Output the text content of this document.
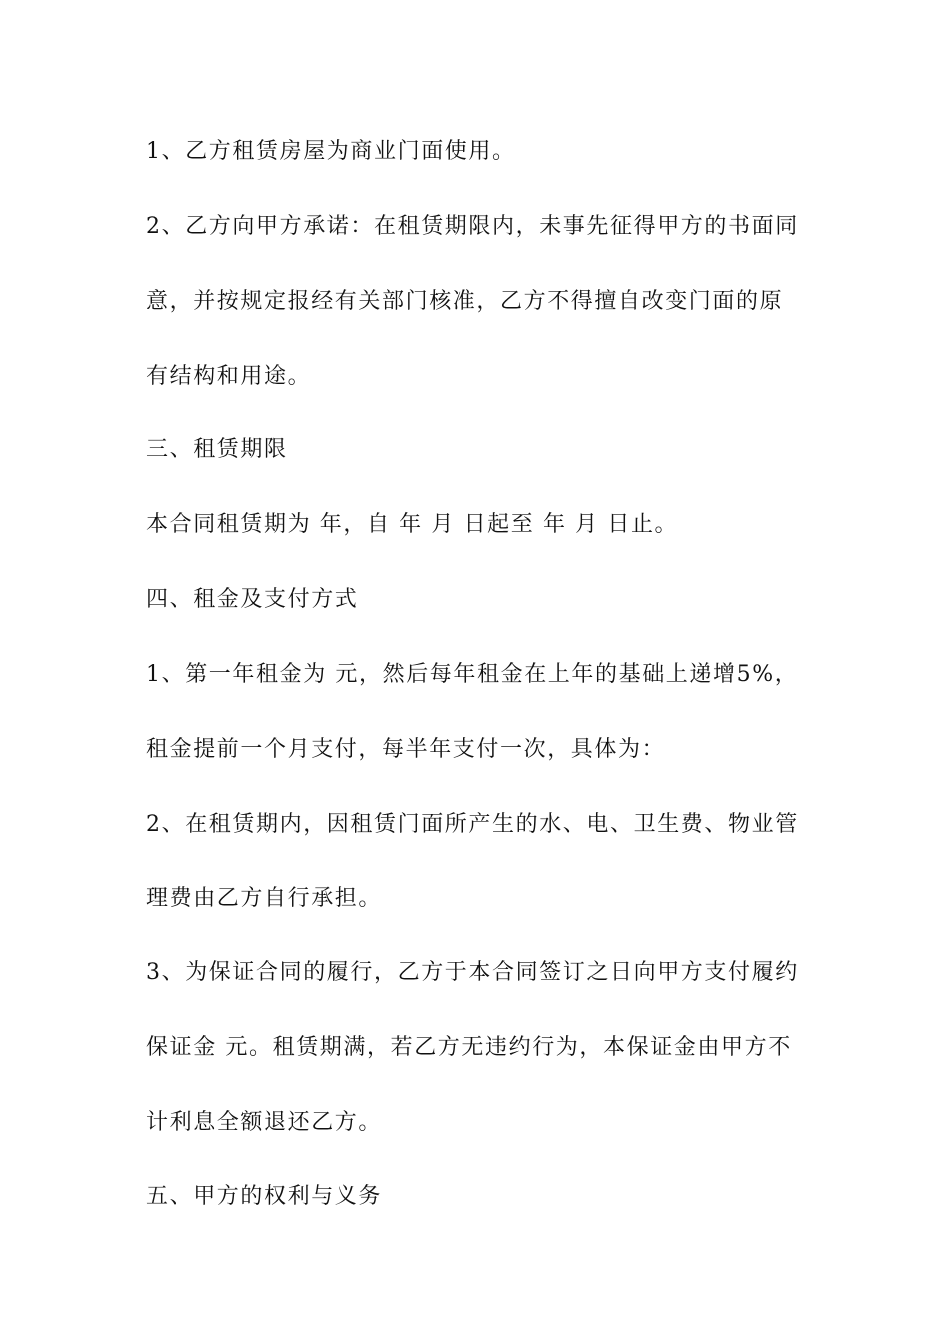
1、乙方租赁房屋为商业门面使用。
2、乙方向甲方承诺：在租赁期限内，未事先征得甲方的书面同
意，并按规定报经有关部门核准，乙方不得擅自改变门面的原
有结构和用途。
三、租赁期限
本合同租赁期为 年，自 年 月 日起至 年 月 日止。
四、租金及支付方式
1、第一年租金为 元，然后每年租金在上年的基础上递增5%，
租金提前一个月支付，每半年支付一次，具体为：
2、在租赁期内，因租赁门面所产生的水、电、卫生费、物业管
理费由乙方自行承担。
3、为保证合同的履行，乙方于本合同签订之日向甲方支付履约
保证金 元。租赁期满，若乙方无违约行为，本保证金由甲方不
计利息全额退还乙方。
五、甲方的权利与义务
